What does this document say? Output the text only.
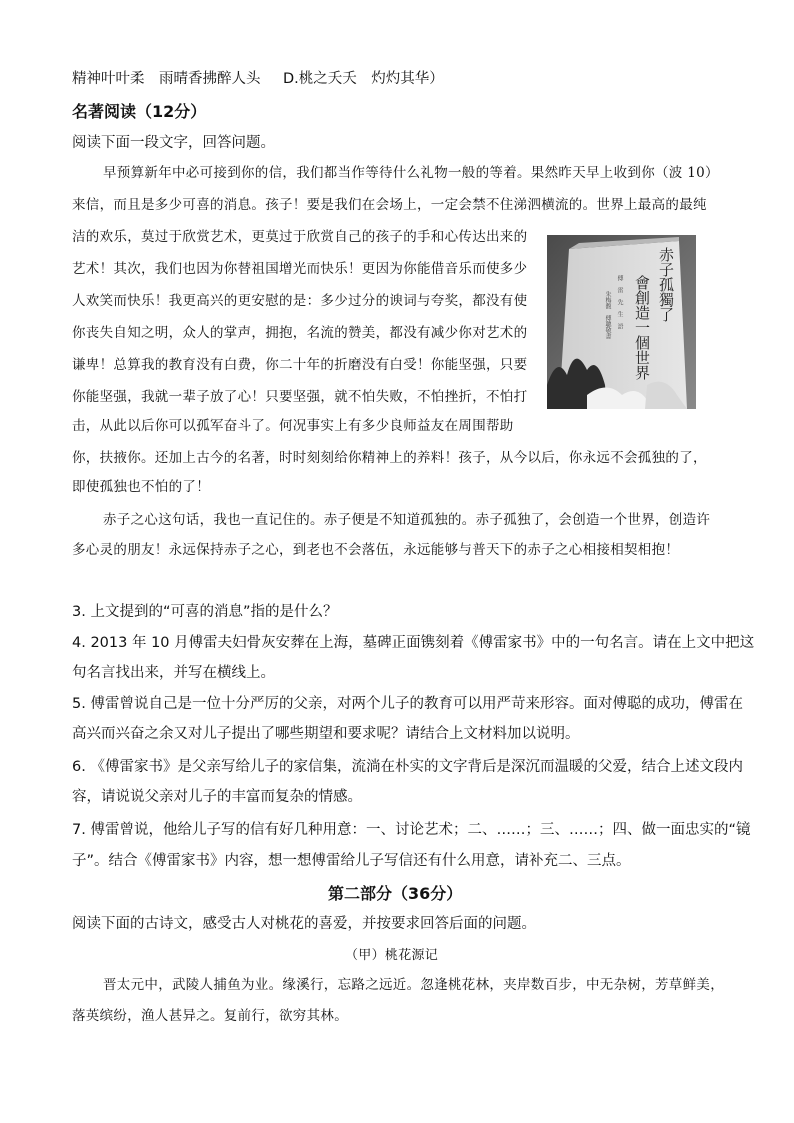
精神叶叶柔　雨晴香拂醉人头 D.桃之夭夭　灼灼其华）
名著阅读（12分）
阅读下面一段文字，回答问题。
早预算新年中必可接到你的信，我们都当作等待什么礼物一般的等着。果然昨天早上收到你（波 10）
来信，而且是多少可喜的消息。孩子！要是我们在会场上，一定会禁不住涕泗横流的。世界上最高的最纯
洁的欢乐，莫过于欣赏艺术，更莫过于欣赏自己的孩子的手和心传达出来的
艺术！其次，我们也因为你替祖国增光而快乐！更因为你能借音乐而使多少
人欢笑而快乐！我更高兴的更安慰的是：多少过分的谀词与夸奖，都没有使
你丧失自知之明，众人的掌声，拥抱，名流的赞美，都没有减少你对艺术的
谦卑！总算我的教育没有白费，你二十年的折磨没有白受！你能坚强，只要
你能坚强，我就一辈子放了心！只要坚强，就不怕失败，不怕挫折，不怕打
击，从此以后你可以孤军奋斗了。何况事实上有多少良师益友在周围帮助
你，扶掖你。还加上古今的名著，时时刻刻给你精神上的养料！孩子，从今以后，你永远不会孤独的了，
即使孤独也不怕的了！
赤子之心这句话，我也一直记住的。赤子便是不知道孤独的。赤子孤独了，会创造一个世界，创造许
多心灵的朋友！永远保持赤子之心，到老也不会落伍，永远能够与普天下的赤子之心相接相契相抱！
赤子孤獨了
會創造一個世界
傅　雷　先　生　語
朱梅馥　傅聰敬書
3. 上文提到的“可喜的消息”指的是什么？
4. 2013 年 10 月傅雷夫妇骨灰安葬在上海，墓碑正面镌刻着《傅雷家书》中的一句名言。请在上文中把这
句名言找出来，并写在横线上。
5. 傅雷曾说自己是一位十分严厉的父亲，对两个儿子的教育可以用严苛来形容。面对傅聪的成功，傅雷在
高兴而兴奋之余又对儿子提出了哪些期望和要求呢？请结合上文材料加以说明。
6. 《傅雷家书》是父亲写给儿子的家信集，流淌在朴实的文字背后是深沉而温暖的父爱，结合上述文段内
容，请说说父亲对儿子的丰富而复杂的情感。
7. 傅雷曾说，他给儿子写的信有好几种用意：一、讨论艺术；二、……；三、……；四、做一面忠实的“镜
子”。结合《傅雷家书》内容，想一想傅雷给儿子写信还有什么用意，请补充二、三点。
第二部分（36分）
阅读下面的古诗文，感受古人对桃花的喜爱，并按要求回答后面的问题。
（甲）桃花源记
晋太元中，武陵人捕鱼为业。缘溪行，忘路之远近。忽逢桃花林，夹岸数百步，中无杂树，芳草鲜美，
落英缤纷，渔人甚异之。复前行，欲穷其林。
